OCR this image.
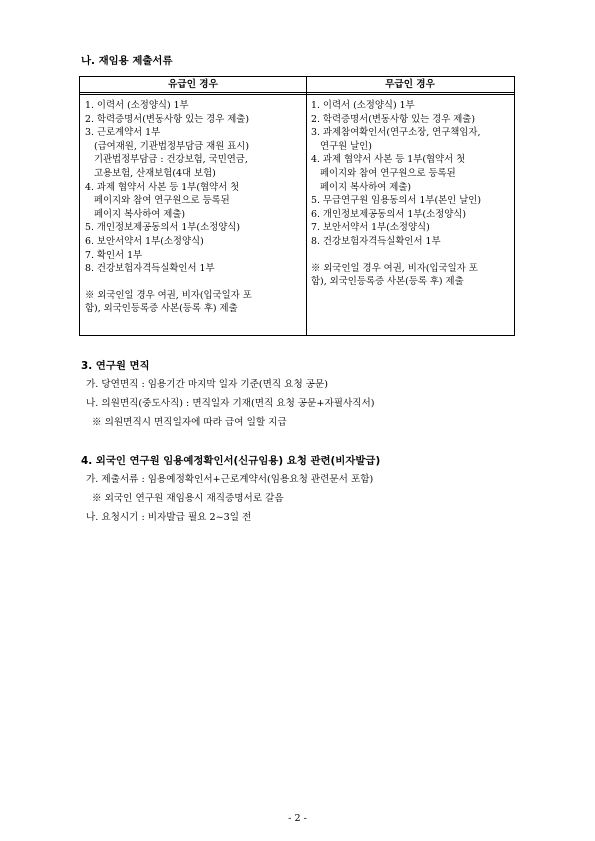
나. 재임용 제출서류
유급인 경우
1. 이력서 (소정양식) 1부
2. 학력증명서(변동사항 있는 경우 제출)
3. 근로계약서 1부
(급여재원, 기관법정부담금 재원 표시)
기관법정부담금 : 건강보험, 국민연금,
고용보험, 산재보험(4대 보험)
4. 과제 협약서 사본 등 1부(협약서 첫
페이지와 참여 연구원으로 등록된
페이지 복사하여 제출)
5. 개인정보제공동의서 1부(소정양식)
6. 보안서약서 1부(소정양식)
7. 확인서 1부
8. 건강보험자격득실확인서 1부
※ 외국인일 경우 여권, 비자(입국일자 포
함), 외국인등록증 사본(등록 후) 제출
무급인 경우
1. 이력서 (소정양식) 1부
2. 학력증명서(변동사항 있는 경우 제출)
3. 과제참여확인서(연구소장, 연구책임자,
연구원 날인)
4. 과제 협약서 사본 등 1부(협약서 첫
페이지와 참여 연구원으로 등록된
페이지 복사하여 제출)
5. 무급연구원 임용동의서 1부(본인 날인)
6. 개인정보제공동의서 1부(소정양식)
7. 보안서약서 1부(소정양식)
8. 건강보험자격득실확인서 1부
※ 외국인일 경우 여권, 비자(입국일자 포
함), 외국인등록증 사본(등록 후) 제출
3. 연구원 면직
가. 당연면직 : 임용기간 마지막 일자 기준(면직 요청 공문)
나. 의원면직(중도사직) : 면직일자 기재(면직 요청 공문+자필사직서)
※ 의원면직시 면직일자에 따라 급여 일할 지급
4. 외국인 연구원 임용예정확인서(신규임용) 요청 관련(비자발급)
가. 제출서류 : 임용예정확인서+근로계약서(임용요청 관련문서 포함)
※ 외국인 연구원 재임용시 재직증명서로 갈음
나. 요청시기 : 비자발급 필요 2~3일 전
- 2 -
